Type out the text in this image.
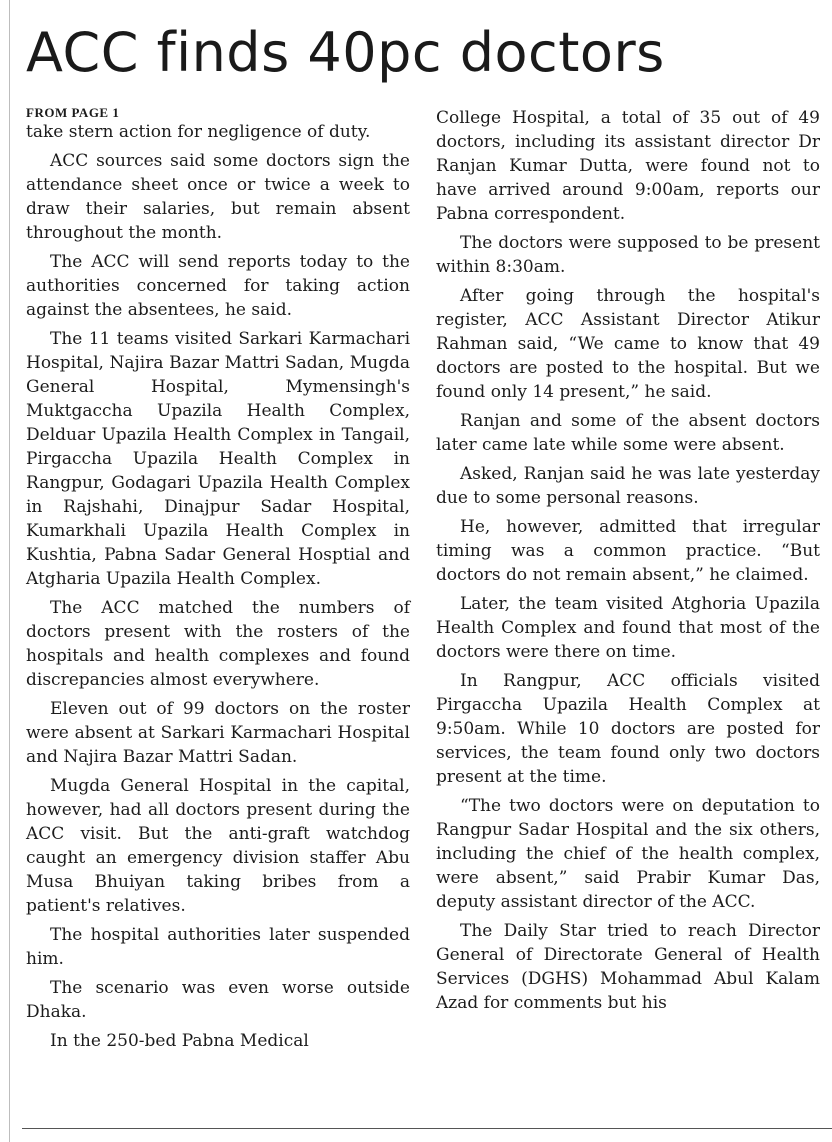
ACC finds 40pc doctors
FROM PAGE 1

take stern action for negligence of duty.

ACC sources said some doctors sign the attendance sheet once or twice a week to draw their salaries, but remain absent throughout the month.

The ACC will send reports today to the authorities concerned for taking action against the absentees, he said.

The 11 teams visited Sarkari Karmachari Hospital, Najira Bazar Mattri Sadan, Mugda General Hospital, Mymensingh's Muktgaccha Upazila Health Complex, Delduar Upazila Health Complex in Tangail, Pirgaccha Upazila Health Complex in Rangpur, Godagari Upazila Health Complex in Rajshahi, Dinajpur Sadar Hospital, Kumarkhali Upazila Health Complex in Kushtia, Pabna Sadar General Hosptial and Atgharia Upazila Health Complex.

The ACC matched the numbers of doctors present with the rosters of the hospitals and health complexes and found discrepancies almost everywhere.

Eleven out of 99 doctors on the roster were absent at Sarkari Karmachari Hospital and Najira Bazar Mattri Sadan.

Mugda General Hospital in the capital, however, had all doctors present during the ACC visit. But the anti-graft watchdog caught an emergency division staffer Abu Musa Bhuiyan taking bribes from a patient's relatives.

The hospital authorities later suspended him.

The scenario was even worse outside Dhaka.

In the 250-bed Pabna Medical

College Hospital, a total of 35 out of 49 doctors, including its assistant director Dr Ranjan Kumar Dutta, were found not to have arrived around 9:00am, reports our Pabna correspondent.

The doctors were supposed to be present within 8:30am.

After going through the hospital's register, ACC Assistant Director Atikur Rahman said, “We came to know that 49 doctors are posted to the hospital. But we found only 14 present,” he said.

Ranjan and some of the absent doctors later came late while some were absent.

Asked, Ranjan said he was late yesterday due to some personal reasons.

He, however, admitted that irregular timing was a common practice. “But doctors do not remain absent,” he claimed.

Later, the team visited Atghoria Upazila Health Complex and found that most of the doctors were there on time.

In Rangpur, ACC officials visited Pirgaccha Upazila Health Complex at 9:50am. While 10 doctors are posted for services, the team found only two doctors present at the time.

“The two doctors were on deputation to Rangpur Sadar Hospital and the six others, including the chief of the health complex, were absent,” said Prabir Kumar Das, deputy assistant director of the ACC.

The Daily Star tried to reach Director General of Directorate General of Health Services (DGHS) Mohammad Abul Kalam Azad for comments but his
